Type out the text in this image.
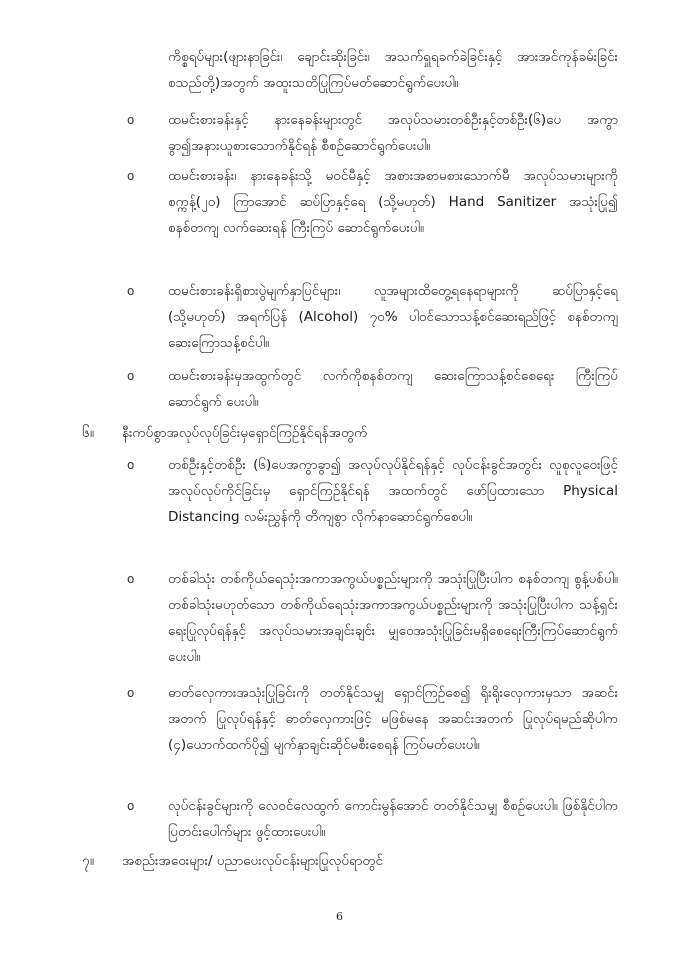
ကိစ္စရပ်များ(ဖျားနာခြင်း၊ ချောင်းဆိုးခြင်း၊ အသက်ရှူရခက်ခဲခြင်းနှင့် အားအင်ကုန်ခမ်းခြင်းစသည်တို့)အတွက် အထူးသတိပြုကြပ်မတ်ဆောင်ရွက်ပေးပါ။

o ထမင်းစားခန်းနှင့် နားနေခန်းများတွင် အလုပ်သမားတစ်ဦးနှင့်တစ်ဦး(၆)ပေ အကွာခွာ၍အနားယူစားသောက်နိုင်ရန် စီစဉ်ဆောင်ရွက်ပေးပါ။

o ထမင်းစားခန်း၊ နားနေခန်းသို့ မဝင်မီနှင့် အစားအစာမစားသောက်မီ အလုပ်သမားများကိုစက္ကန့်(၂၀) ကြာအောင် ဆပ်ပြာနှင့်ရေ (သို့မဟုတ်) Hand Sanitizer အသုံးပြု၍ စနစ်တကျ လက်ဆေးရန် ကြီးကြပ် ဆောင်ရွက်ပေးပါ။

o ထမင်းစားခန်းရှိစားပွဲမျက်နှာပြင်များ၊ လူအများထိတွေ့ရနေရာများကို ဆပ်ပြာနှင့်ရေ (သို့မဟုတ်) အရက်ပြန် (Alcohol) ၇၀% ပါဝင်သောသန့်စင်ဆေးရည်ဖြင့် စနစ်တကျ ဆေးကြောသန့်စင်ပါ။

o ထမင်းစားခန်းမှအထွက်တွင် လက်ကိုစနစ်တကျ ဆေးကြောသန့်စင်စေရေး ကြီးကြပ်ဆောင်ရွက် ပေးပါ။

၆။ နီးကပ်စွာအလုပ်လုပ်ခြင်းမှရှောင်ကြဉ်နိုင်ရန်အတွက်

o တစ်ဦးနှင့်တစ်ဦး (၆)ပေအကွာခွာ၍ အလုပ်လုပ်နိုင်ရန်နှင့် လုပ်ငန်းခွင်အတွင်း လူစုလူဝေးဖြင့်အလုပ်လုပ်ကိုင်ခြင်းမှ ရှောင်ကြဉ်နိုင်ရန် အထက်တွင် ဖော်ပြထားသော Physical Distancing လမ်းညွှန်ကို တိကျစွာ လိုက်နာဆောင်ရွက်စေပါ။

o တစ်ခါသုံး တစ်ကိုယ်ရေသုံးအကာအကွယ်ပစ္စည်းများကို အသုံးပြုပြီးပါက စနစ်တကျ စွန့်ပစ်ပါ။ တစ်ခါသုံးမဟုတ်သော တစ်ကိုယ်ရေသုံးအကာအကွယ်ပစ္စည်းများကို အသုံးပြုပြီးပါက သန့်ရှင်းရေးပြုလုပ်ရန်နှင့် အလုပ်သမားအချင်းချင်း မျှဝေအသုံးပြုခြင်းမရှိစေရေးကြီးကြပ်ဆောင်ရွက်ပေးပါ။

o ဓာတ်လှေကားအသုံးပြုခြင်းကို တတ်နိုင်သမျှ ရှောင်ကြဉ်စေ၍ ရိုးရိုးလှေကားမှသာ အဆင်းအတက် ပြုလုပ်ရန်နှင့် ဓာတ်လှေကားဖြင့် မဖြစ်မနေ အဆင်းအတက် ပြုလုပ်ရမည်ဆိုပါက (၄)ယောက်ထက်ပို၍ မျက်နှာချင်းဆိုင်မစီးစေရန် ကြပ်မတ်ပေးပါ။

o လုပ်ငန်းခွင်များကို လေဝင်လေထွက် ကောင်းမွန်အောင် တတ်နိုင်သမျှ စီစဉ်ပေးပါ။ ဖြစ်နိုင်ပါက ပြတင်းပေါက်များ ဖွင့်ထားပေးပါ။

၇။ အစည်းအဝေးများ/ ပညာပေးလုပ်ငန်းများပြုလုပ်ရာတွင်

6
